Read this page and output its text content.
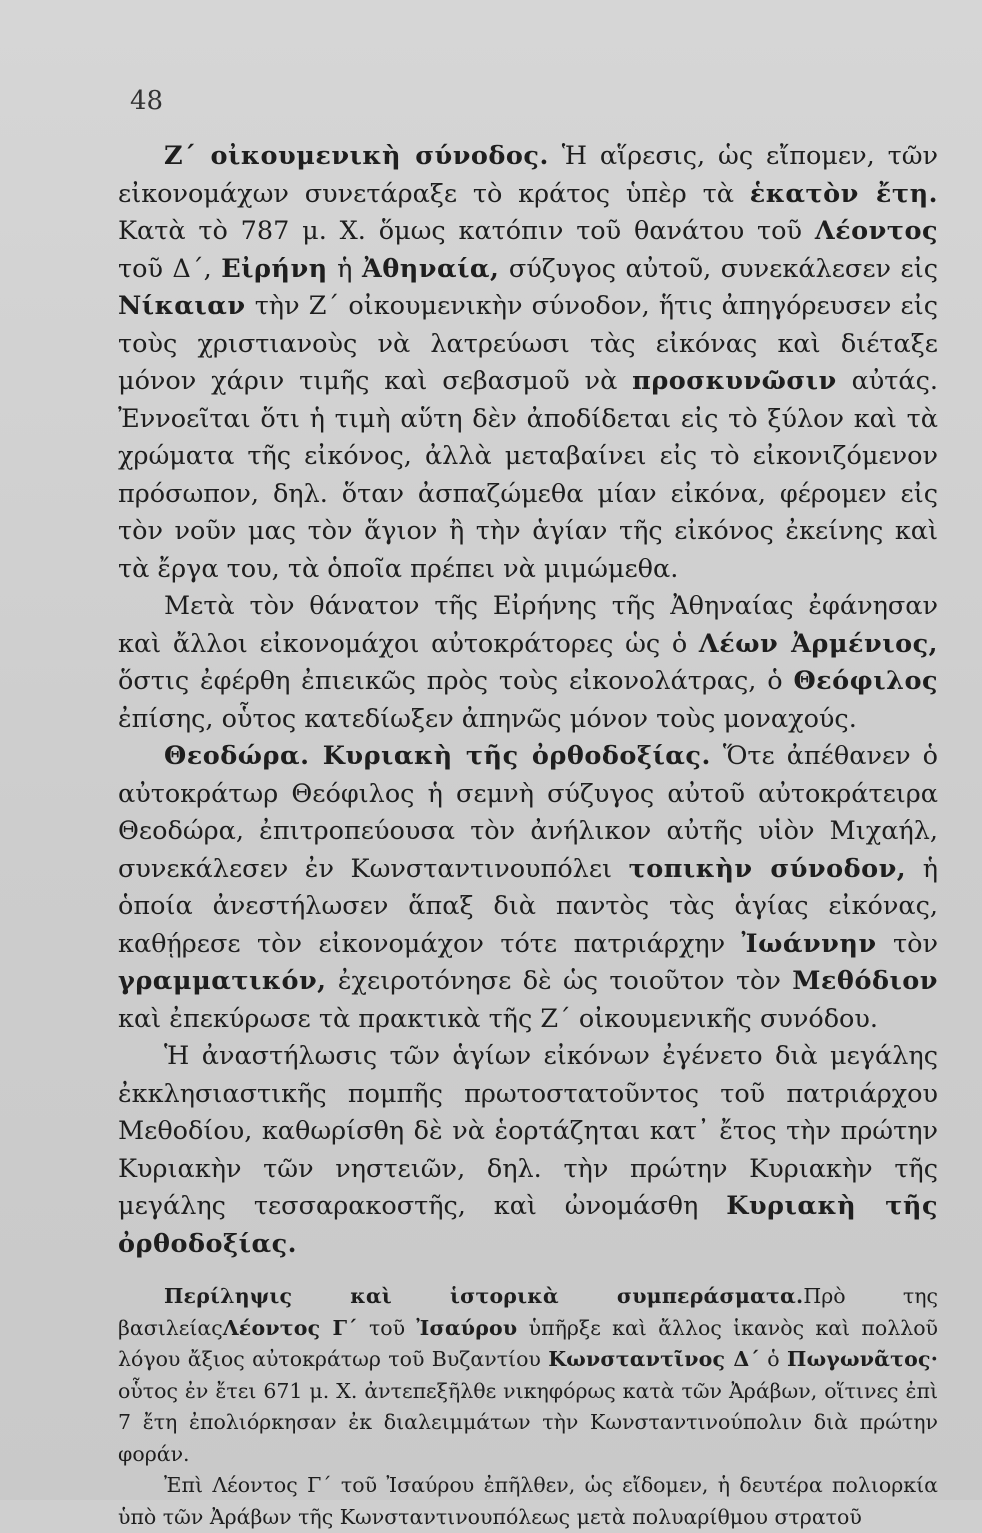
48

Ζ΄ οἰκουμενικὴ σύνοδος. Ἡ αἵρεσις, ὡς εἴπομεν, τῶν εἰκονομάχων συνετάραξε τὸ κράτος ὑπὲρ τὰ ἑκατὸν ἔτη. Κατὰ τὸ 787 μ. Χ. ὅμως κατόπιν τοῦ θανάτου τοῦ Λέοντος τοῦ Δ΄, Εἰρήνη ἡ Ἀθηναία, σύζυγος αὐτοῦ, συνεκάλεσεν εἰς Νίκαιαν τὴν Ζ΄ οἰκουμενικὴν σύνοδον, ἥτις ἀπηγόρευσεν εἰς τοὺς χριστιανοὺς νὰ λατρεύωσι τὰς εἰκόνας καὶ διέταξε μόνον χάριν τιμῆς καὶ σεβασμοῦ νὰ προσκυνῶσιν αὐτάς. Ἐννοεῖται ὅτι ἡ τιμὴ αὕτη δὲν ἀποδίδεται εἰς τὸ ξύλον καὶ τὰ χρώματα τῆς εἰκόνος, ἀλλὰ μεταβαίνει εἰς τὸ εἰκονιζόμενον πρόσωπον, δηλ. ὅταν ἀσπαζώμεθα μίαν εἰκόνα, φέρομεν εἰς τὸν νοῦν μας τὸν ἅγιον ἢ τὴν ἁγίαν τῆς εἰκόνος ἐκείνης καὶ τὰ ἔργα του, τὰ ὁποῖα πρέπει νὰ μιμώμεθα.

Μετὰ τὸν θάνατον τῆς Εἰρήνης τῆς Ἀθηναίας ἐφάνησαν καὶ ἄλλοι εἰκονομάχοι αὐτοκράτορες ὡς ὁ Λέων Ἀρμένιος, ὅστις ἐφέρθη ἐπιεικῶς πρὸς τοὺς εἰκονολάτρας, ὁ Θεόφιλος ἐπίσης, οὗτος κατεδίωξεν ἀπηνῶς μόνον τοὺς μοναχούς.

Θεοδώρα. Κυριακὴ τῆς ὀρθοδοξίας. Ὅτε ἀπέθανεν ὁ αὐτοκράτωρ Θεόφιλος ἡ σεμνὴ σύζυγος αὐτοῦ αὐτοκράτειρα Θεοδώρα, ἐπιτροπεύουσα τὸν ἀνήλικον αὐτῆς υἱὸν Μιχαήλ, συνεκάλεσεν ἐν Κωνσταντινουπόλει τοπικὴν σύνοδον, ἡ ὁποία ἀνεστήλωσεν ἅπαξ διὰ παντὸς τὰς ἁγίας εἰκόνας, καθῄρεσε τὸν εἰκονομάχον τότε πατριάρχην Ἰωάννην τὸν γραμματικόν, ἐχειροτόνησε δὲ ὡς τοιοῦτον τὸν Μεθόδιον καὶ ἐπεκύρωσε τὰ πρακτικὰ τῆς Ζ΄ οἰκουμενικῆς συνόδου.

Ἡ ἀναστήλωσις τῶν ἁγίων εἰκόνων ἐγένετο διὰ μεγάλης ἐκκλησιαστικῆς πομπῆς πρωτοστατοῦντος τοῦ πατριάρχου Μεθοδίου, καθωρίσθη δὲ νὰ ἑορτάζηται κατ᾽ ἔτος τὴν πρώτην Κυριακὴν τῶν νηστειῶν, δηλ. τὴν πρώτην Κυριακὴν τῆς μεγάλης τεσσαρακοστῆς, καὶ ὠνομάσθη Κυριακὴ τῆς ὀρθοδοξίας.

Περίληψις καὶ ἱστορικὰ συμπεράσματα.Πρὸ της βασιλείαςΛέοντος Γ΄ τοῦ Ἰσαύρου ὑπῆρξε καὶ ἄλλος ἱκανὸς καὶ πολλοῦ λόγου ἄξιος αὐτοκράτωρ τοῦ Βυζαντίου Κωνσταντῖνος Δ΄ ὁ Πωγωνᾶτος· οὗτος ἐν ἔτει 671 μ. Χ. ἀντεπεξῆλθε νικηφόρως κατὰ τῶν Ἀράβων, οἵτινες ἐπὶ 7 ἔτη ἐπολιόρκησαν ἐκ διαλειμμάτων τὴν Κωνσταντινούπολιν διὰ πρώτην φοράν.

Ἐπὶ Λέοντος Γ΄ τοῦ Ἰσαύρου ἐπῆλθεν, ὡς εἴδομεν, ἡ δευτέρα πολιορκία ὑπὸ τῶν Ἀράβων τῆς Κωνσταντινουπόλεως μετὰ πολυαρίθμου στρατοῦ
